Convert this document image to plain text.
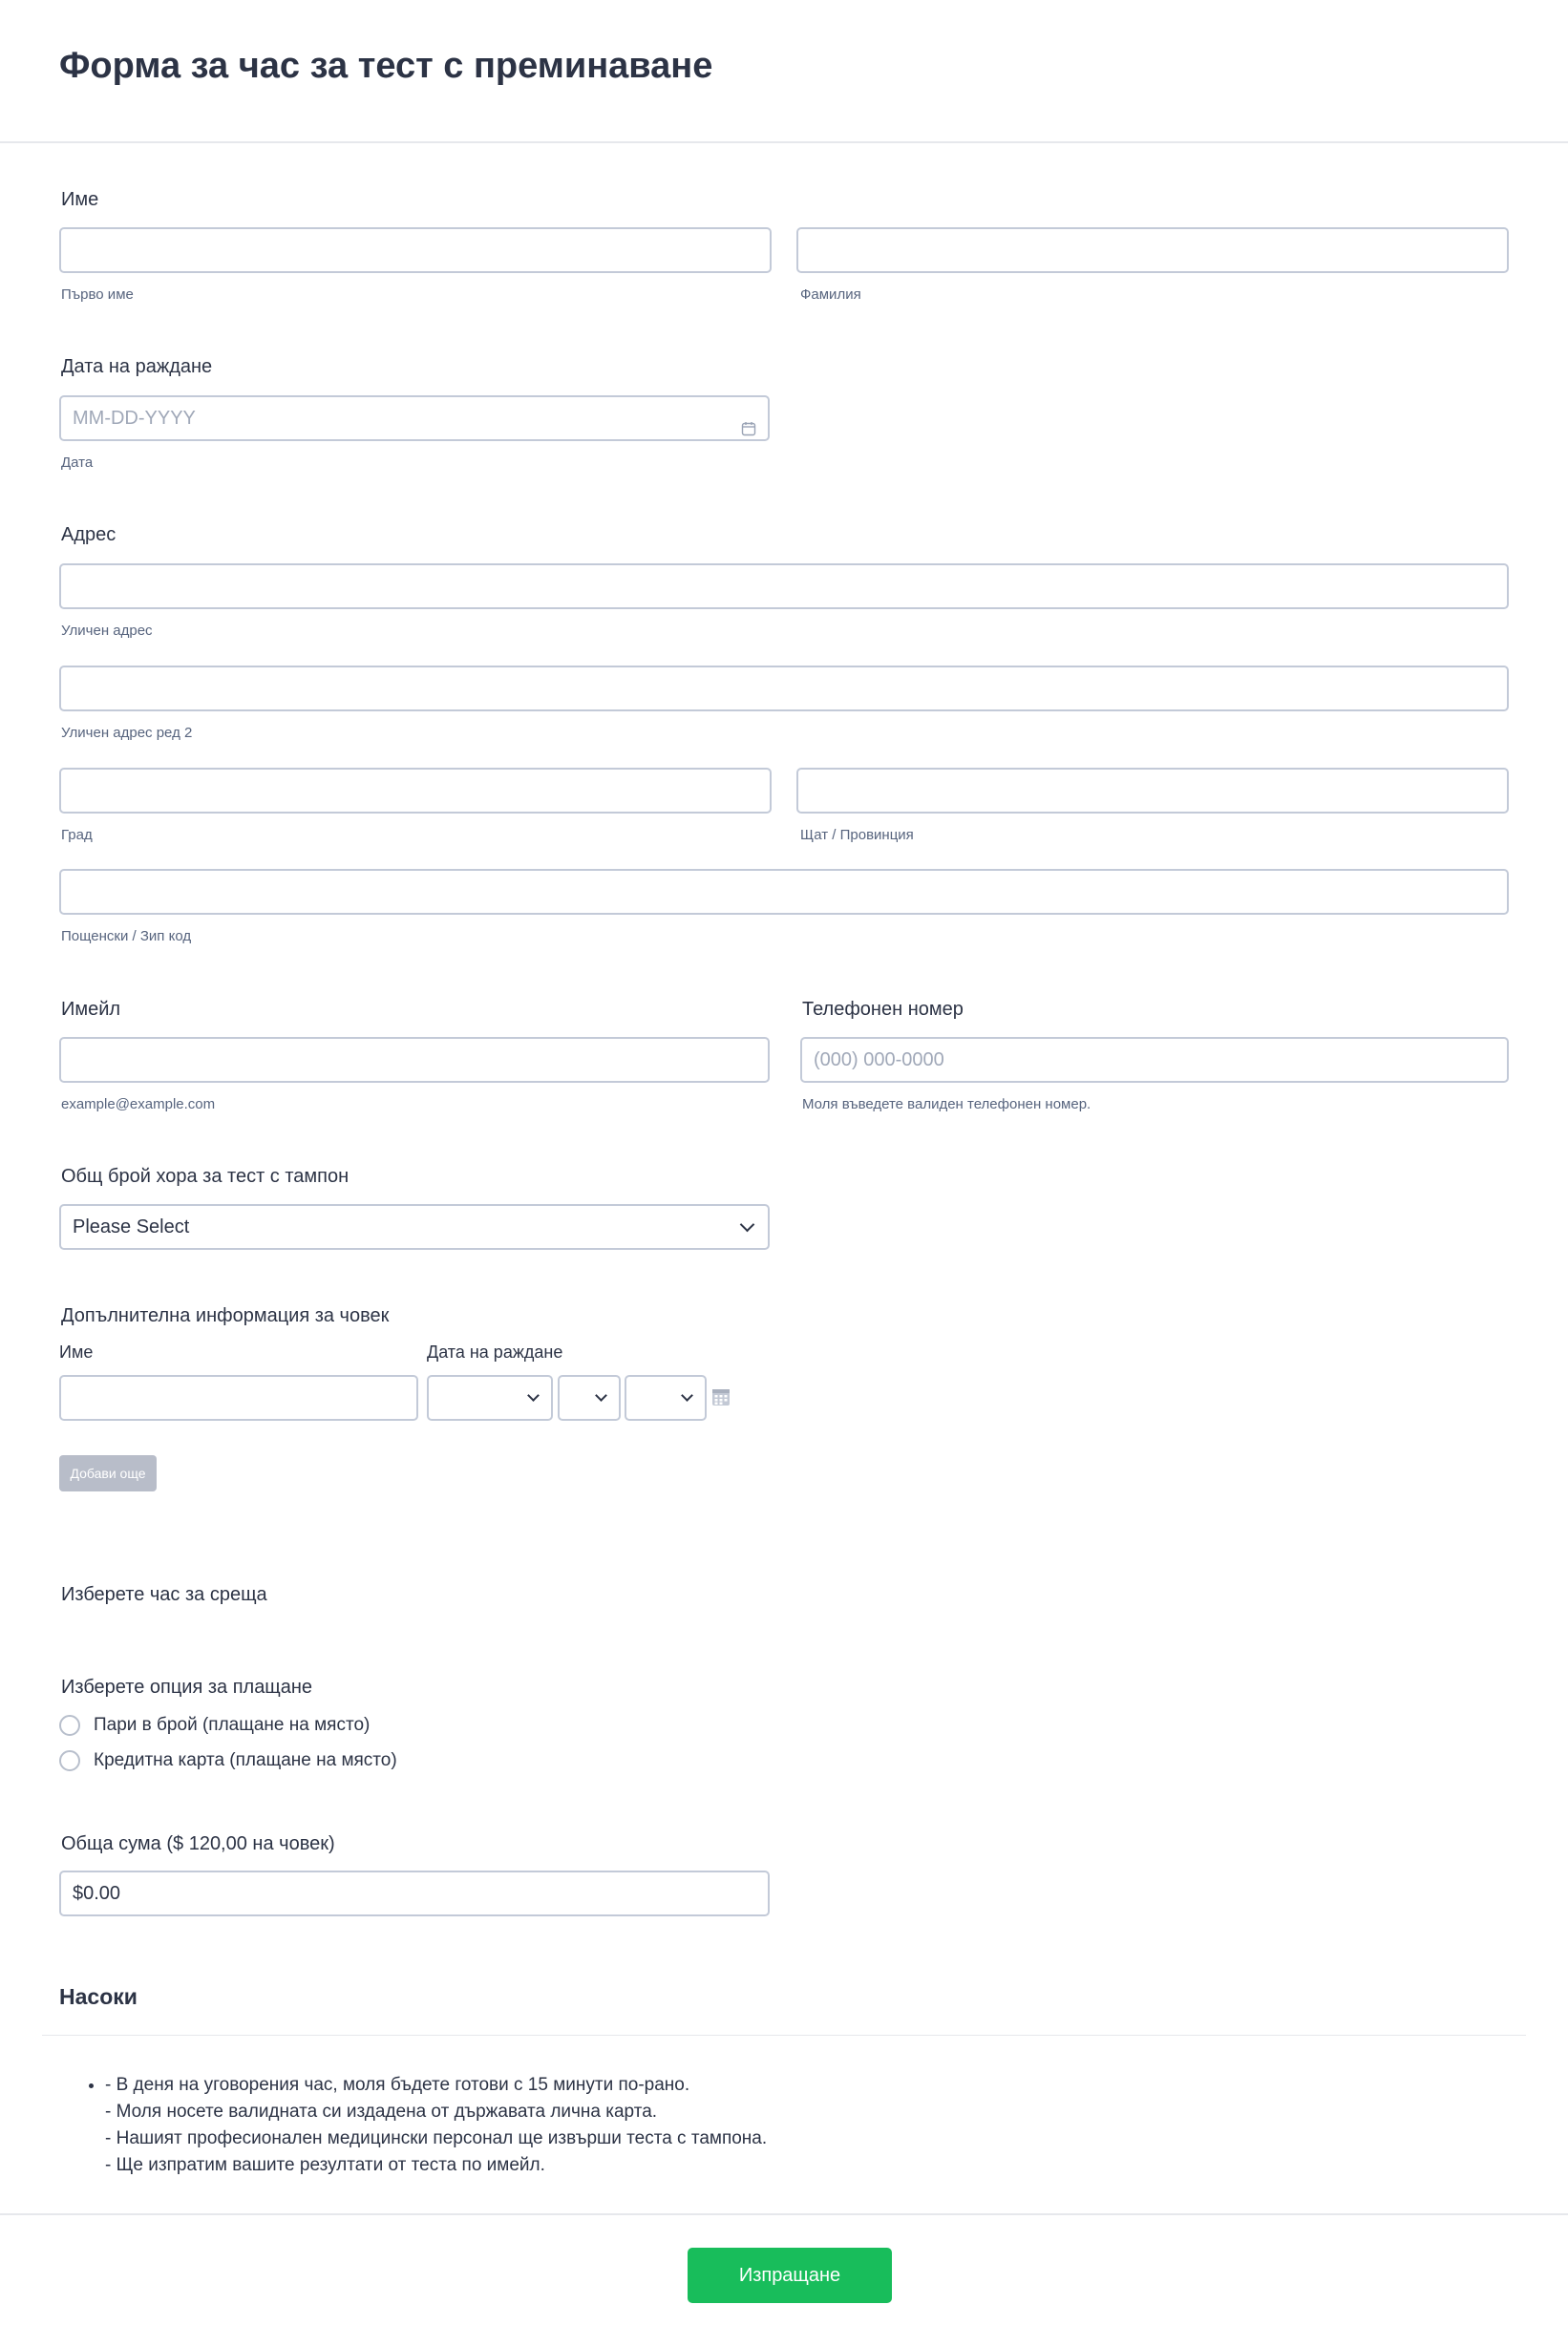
Форма за час за тест с преминаване
Име
Първо име	Фамилия
Дата на раждане
MM-DD-YYYY
Дата
Адрес
Уличен адрес
Уличен адрес ред 2
Град	Щат / Провинция
Пощенски / Зип код
Имейл
example@example.com
Телефонен номер
(000) 000-0000
Моля въведете валиден телефонен номер.
Общ брой хора за тест с тампон
Please Select
Допълнителна информация за човек
Име	Дата на раждане
Добави още
Изберете час за среща
Изберете опция за плащане
Пари в брой (плащане на място)
Кредитна карта (плащане на място)
Обща сума ($ 120,00 на човек)
$0.00
Насоки
• - В деня на уговорения час, моля бъдете готови с 15 минути по-рано.
- Моля носете валидната си издадена от държавата лична карта.
- Нашият професионален медицински персонал ще извърши теста с тампона.
- Ще изпратим вашите резултати от теста по имейл.
Изпращане
